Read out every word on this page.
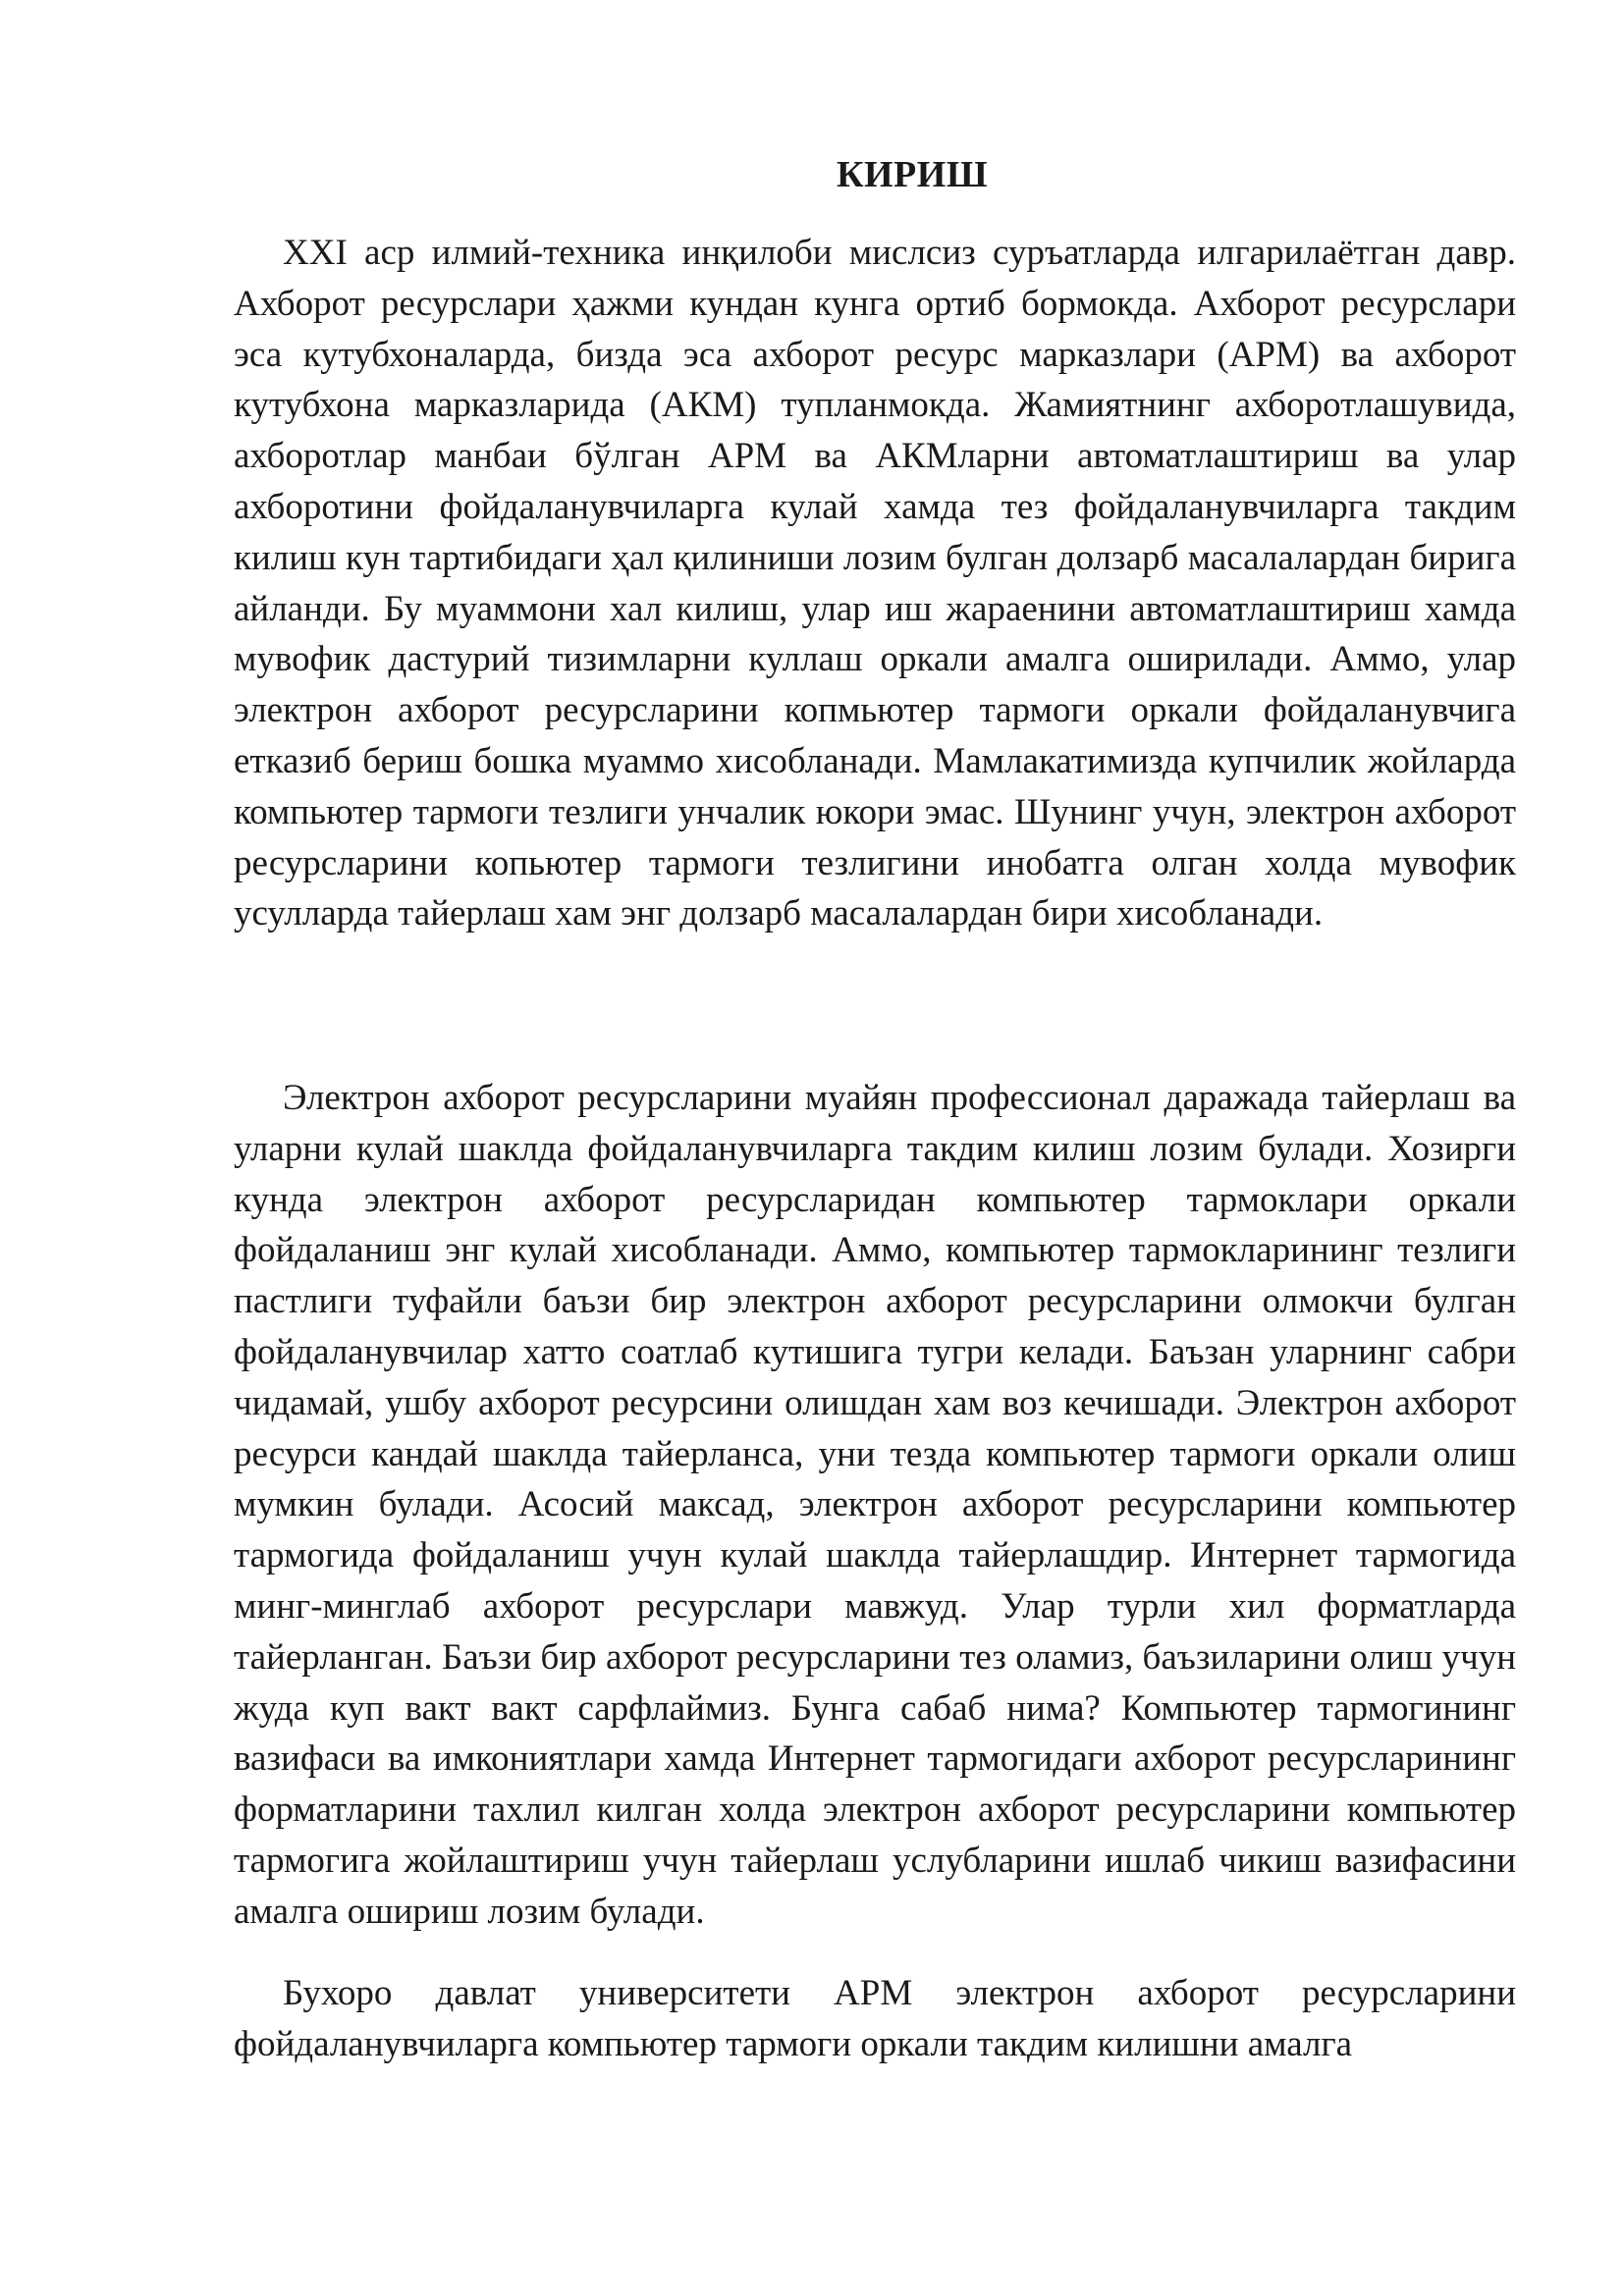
КИРИШ

XXI аср илмий-техника инқилоби мислсиз суръатларда илгарилаётган давр. Ахборот ресурслари ҳажми кундан кунга ортиб бормокда. Ахборот ресурслари эса кутубхоналарда, бизда эса ахборот ресурс марказлари (АРМ) ва ахборот кутубхона марказларида (АКМ) тупланмокда. Жамиятнинг ахборотлашувида, ахборотлар манбаи бўлган АРМ ва АКМларни автоматлаштириш ва улар ахборотини фойдаланувчиларга кулай хамда тез фойдаланувчиларга такдим килиш кун тартибидаги ҳал қилиниши лозим булган долзарб масалалардан бирига айланди. Бу муаммони хал килиш, улар иш жараенини автоматлаштириш хамда мувофик дастурий тизимларни куллаш оркали амалга оширилади. Аммо, улар электрон ахборот ресурсларини копмьютер тармоги оркали фойдаланувчига етказиб бериш бошка муаммо хисобланади. Мамлакатимизда купчилик жойларда компьютер тармоги тезлиги унчалик юкори эмас. Шунинг учун, электрон ахборот ресурсларини копьютер тармоги тезлигини инобатга олган холда мувофик усулларда тайерлаш хам энг долзарб масалалардан бири хисобланади.

Электрон ахборот ресурсларини муайян профессионал даражада тайерлаш ва уларни кулай шаклда фойдаланувчиларга такдим килиш лозим булади. Хозирги кунда электрон ахборот ресурсларидан компьютер тармоклари оркали фойдаланиш энг кулай хисобланади. Аммо, компьютер тармокларининг тезлиги пастлиги туфайли баъзи бир электрон ахборот ресурсларини олмокчи булган фойдаланувчилар хатто соатлаб кутишига тугри келади. Баъзан уларнинг сабри чидамай, ушбу ахборот ресурсини олишдан хам воз кечишади. Электрон ахборот ресурси кандай шаклда тайерланса, уни тезда компьютер тармоги оркали олиш мумкин булади. Асосий максад, электрон ахборот ресурсларини компьютер тармогида фойдаланиш учун кулай шаклда тайерлашдир. Интернет тармогида минг-минглаб ахборот ресурслари мавжуд. Улар турли хил форматларда тайерланган. Баъзи бир ахборот ресурсларини тез оламиз, баъзиларини олиш учун жуда куп вакт вакт сарфлаймиз. Бунга сабаб нима? Компьютер тармогининг вазифаси ва имкониятлари хамда Интернет тармогидаги ахборот ресурсларининг форматларини тахлил килган холда электрон ахборот ресурсларини компьютер тармогига жойлаштириш учун тайерлаш услубларини ишлаб чикиш вазифасини амалга ошириш лозим булади.

Бухоро давлат университети АРМ электрон ахборот ресурсларини фойдаланувчиларга компьютер тармоги оркали такдим килишни амалга
